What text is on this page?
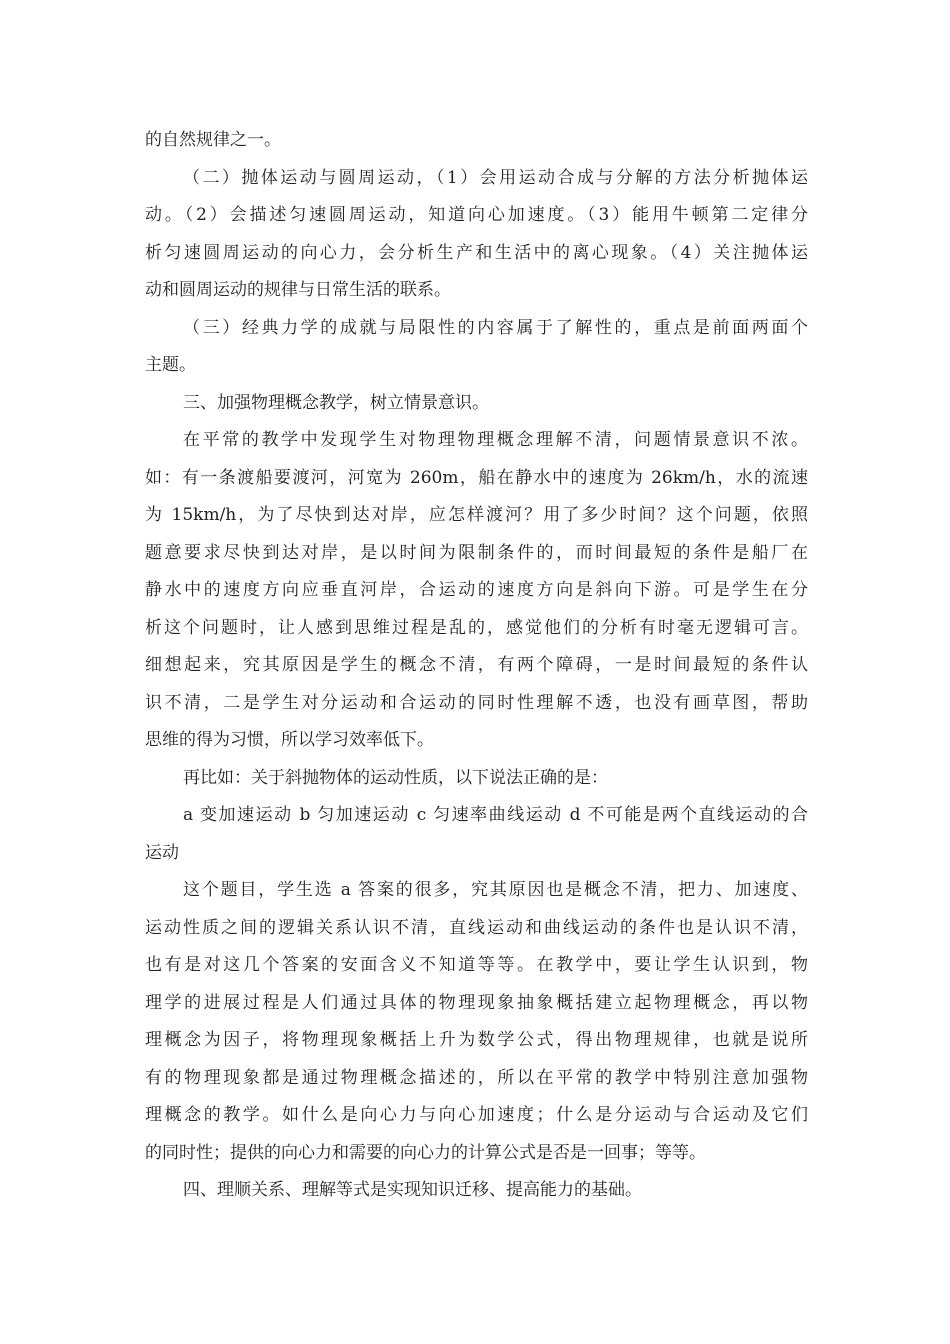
的自然规律之一。
（二）抛体运动与圆周运动，（1）会用运动合成与分解的方法分析抛体运
动。（2）会描述匀速圆周运动，知道向心加速度。（3）能用牛顿第二定律分
析匀速圆周运动的向心力，会分析生产和生活中的离心现象。（4）关注抛体运
动和圆周运动的规律与日常生活的联系。
（三）经典力学的成就与局限性的内容属于了解性的，重点是前面两面个
主题。
三、加强物理概念教学，树立情景意识。
在平常的教学中发现学生对物理物理概念理解不清，问题情景意识不浓。
如：有一条渡船要渡河，河宽为 260m，船在静水中的速度为 26km/h，水的流速
为 15km/h，为了尽快到达对岸，应怎样渡河？用了多少时间？这个问题，依照
题意要求尽快到达对岸，是以时间为限制条件的，而时间最短的条件是船厂在
静水中的速度方向应垂直河岸，合运动的速度方向是斜向下游。可是学生在分
析这个问题时，让人感到思维过程是乱的，感觉他们的分析有时毫无逻辑可言。
细想起来，究其原因是学生的概念不清，有两个障碍，一是时间最短的条件认
识不清，二是学生对分运动和合运动的同时性理解不透，也没有画草图，帮助
思维的得为习惯，所以学习效率低下。
再比如：关于斜抛物体的运动性质，以下说法正确的是：
a 变加速运动 b 匀加速运动 c 匀速率曲线运动 d 不可能是两个直线运动的合
运动
这个题目，学生选 a 答案的很多，究其原因也是概念不清，把力、加速度、
运动性质之间的逻辑关系认识不清，直线运动和曲线运动的条件也是认识不清，
也有是对这几个答案的安面含义不知道等等。在教学中，要让学生认识到，物
理学的进展过程是人们通过具体的物理现象抽象概括建立起物理概念，再以物
理概念为因子，将物理现象概括上升为数学公式，得出物理规律，也就是说所
有的物理现象都是通过物理概念描述的，所以在平常的教学中特别注意加强物
理概念的教学。如什么是向心力与向心加速度；什么是分运动与合运动及它们
的同时性；提供的向心力和需要的向心力的计算公式是否是一回事；等等。
四、理顺关系、理解等式是实现知识迁移、提高能力的基础。
